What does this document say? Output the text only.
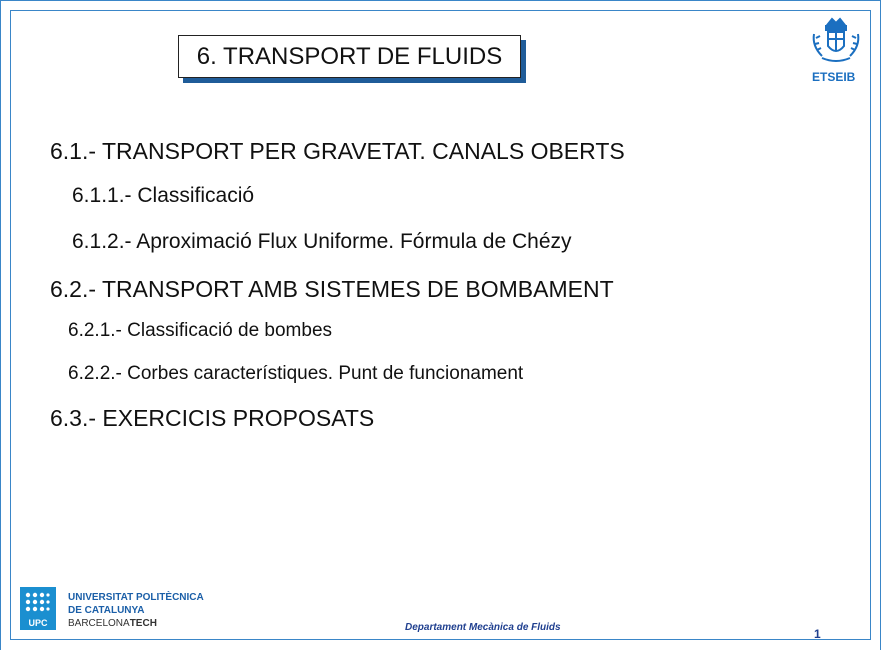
6. TRANSPORT DE FLUIDS
6.1.- TRANSPORT PER GRAVETAT. CANALS OBERTS
6.1.1.- Classificació
6.1.2.- Aproximació Flux Uniforme. Fórmula de Chézy
6.2.- TRANSPORT AMB SISTEMES DE BOMBAMENT
6.2.1.- Classificació de bombes
6.2.2.- Corbes característiques. Punt de funcionament
6.3.- EXERCICIS PROPOSATS
ETSEIB
UPC
UNIVERSITAT POLITÈCNICA
DE CATALUNYA
BARCELONATECH	Departament Mecànica de Fluids	1
